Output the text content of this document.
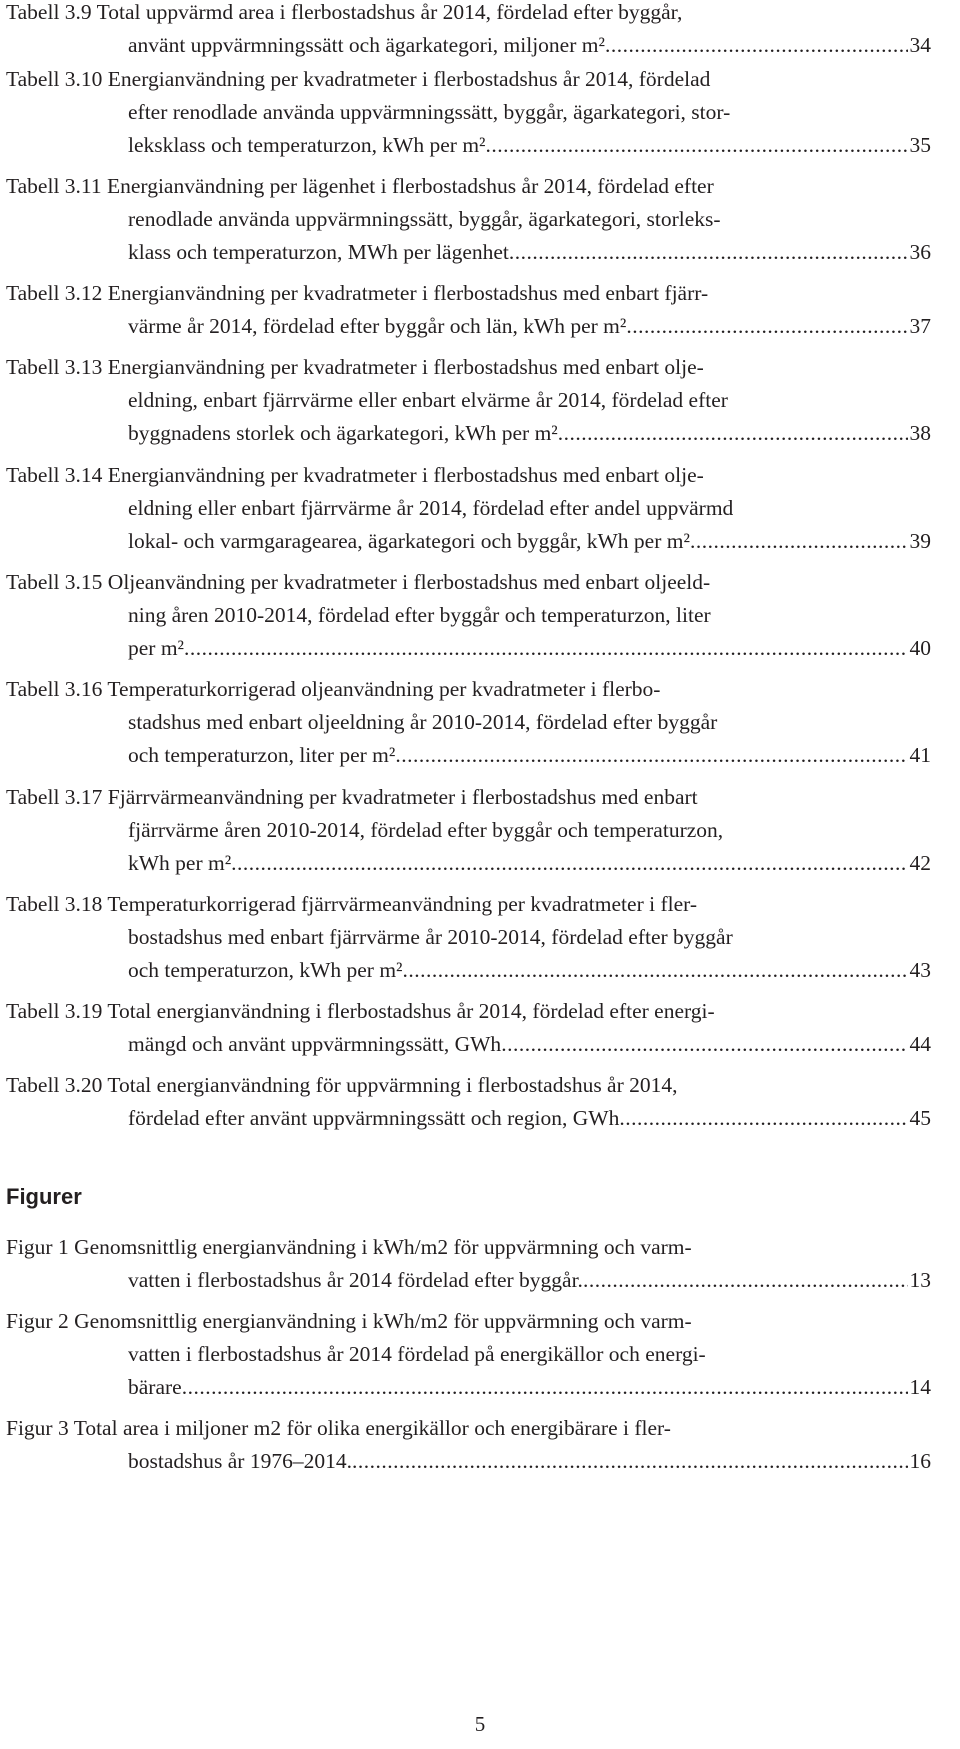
Tabell 3.9 Total uppvärmd area i flerbostadshus år 2014, fördelad efter byggår,
använt uppvärmningssätt och ägarkategori, miljoner m² .....	34
Tabell 3.10 Energianvändning per kvadratmeter i flerbostadshus år 2014, fördelad
efter renodlade använda uppvärmningssätt, byggår, ägarkategori, stor-
leksklass och temperaturzon, kWh per m² .....	35
Tabell 3.11 Energianvändning per lägenhet i flerbostadshus år 2014, fördelad efter
renodlade använda uppvärmningssätt, byggår, ägarkategori, storleks-
klass och temperaturzon, MWh per lägenhet .....	36
Tabell 3.12 Energianvändning per kvadratmeter i flerbostadshus med enbart fjärr-
värme år 2014, fördelad efter byggår och län, kWh per m² .....	37
Tabell 3.13 Energianvändning per kvadratmeter i flerbostadshus med enbart olje-
eldning, enbart fjärrvärme eller enbart elvärme år 2014, fördelad efter
byggnadens storlek och ägarkategori, kWh per m² .....	38
Tabell 3.14 Energianvändning per kvadratmeter i flerbostadshus med enbart olje-
eldning eller enbart fjärrvärme år 2014, fördelad efter andel uppvärmd
lokal- och varmgaragearea, ägarkategori och byggår, kWh per m² .....	39
Tabell 3.15 Oljeanvändning per kvadratmeter i flerbostadshus med enbart oljeeld-
ning åren 2010-2014, fördelad efter byggår och temperaturzon, liter
per m² .....	40
Tabell 3.16 Temperaturkorrigerad oljeanvändning per kvadratmeter i flerbo-
stadshus med enbart oljeeldning år 2010-2014, fördelad efter byggår
och temperaturzon, liter per m² .....	41
Tabell 3.17 Fjärrvärmeanvändning per kvadratmeter i flerbostadshus med enbart
fjärrvärme åren 2010-2014, fördelad efter byggår och temperaturzon,
kWh per m² .....	42
Tabell 3.18 Temperaturkorrigerad fjärrvärmeanvändning per kvadratmeter i fler-
bostadshus med enbart fjärrvärme år 2010-2014, fördelad efter byggår
och temperaturzon, kWh per m² .....	43
Tabell 3.19 Total energianvändning i flerbostadshus år 2014, fördelad efter energi-
mängd och använt uppvärmningssätt, GWh .....	44
Tabell 3.20 Total energianvändning för uppvärmning i flerbostadshus år 2014,
fördelad efter använt uppvärmningssätt och region, GWh .....	45
Figurer
Figur 1 Genomsnittlig energianvändning i kWh/m2 för uppvärmning och varm-
vatten i flerbostadshus år 2014 fördelad efter byggår. .....	13
Figur 2 Genomsnittlig energianvändning i kWh/m2 för uppvärmning och varm-
vatten i flerbostadshus år 2014 fördelad på energikällor och energi-
bärare .....	14
Figur 3 Total area i miljoner m2 för olika energikällor och energibärare i fler-
bostadshus år 1976–2014. .....	16
5
